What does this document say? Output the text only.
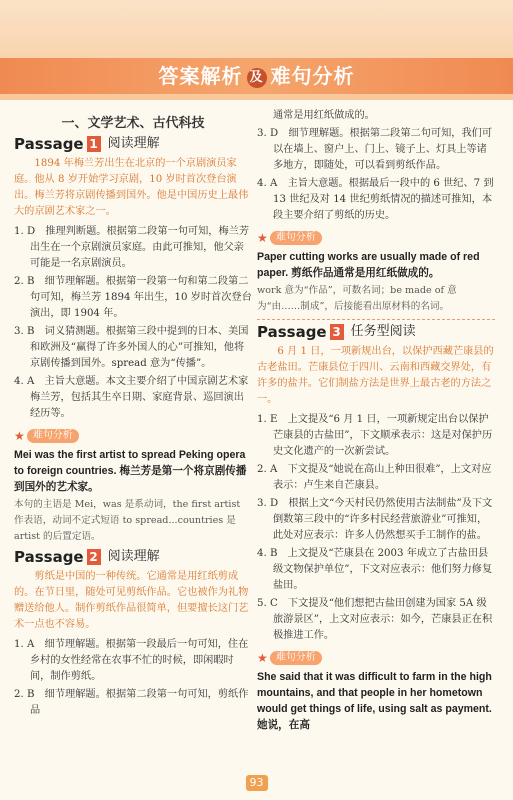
答案解析 及 难句分析
一、文学艺术、古代科技
Passage 1 阅读理解
1894 年梅兰芳出生在北京的一个京剧演员家庭。他从 8 岁开始学习京剧，10 岁时首次登台演出。梅兰芳将京剧传播到国外。他是中国历史上最伟大的京剧艺术家之一。
1. D　推理判断题。根据第二段第一句可知，梅兰芳出生在一个京剧演员家庭。由此可推知，他父亲可能是一名京剧演员。
2. B　细节理解题。根据第一段第一句和第二段第二句可知，梅兰芳 1894 年出生，10 岁时首次登台演出，即 1904 年。
3. B　词义猜测题。根据第三段中提到的日本、美国和欧洲及“赢得了许多外国人的心”可推知，他将京剧传播到国外。spread 意为“传播”。
4. A　主旨大意题。本文主要介绍了中国京剧艺术家梅兰芳，包括其生卒日期、家庭背景、巡回演出经历等。
★ 难句分析
Mei was the first artist to spread Peking opera to foreign countries. 梅兰芳是第一个将京剧传播到国外的艺术家。
本句的主语是 Mei，was 是系动词，the first artist 作表语，动词不定式短语 to spread...countries 是 artist 的后置定语。
Passage 2 阅读理解
剪纸是中国的一种传统。它通常是用红纸剪成的。在节日里，随处可见剪纸作品。它也被作为礼物赠送给他人。制作剪纸作品很简单，但要擅长这门艺术一点也不容易。
1. A　细节理解题。根据第一段最后一句可知，住在乡村的女性经常在农事不忙的时候，即闲暇时间，制作剪纸。
2. B　细节理解题。根据第二段第一句可知，剪纸作品
通常是用红纸做成的。
3. D　细节理解题。根据第二段第二句可知，我们可以在墙上、窗户上、门上、镜子上、灯具上等诸多地方，即随处，可以看到剪纸作品。
4. A　主旨大意题。根据最后一段中的 6 世纪、7 到 13 世纪及对 14 世纪剪纸情况的描述可推知，本段主要介绍了剪纸的历史。
★ 难句分析
Paper cutting works are usually made of red paper. 剪纸作品通常是用红纸做成的。
work 意为“作品”，可数名词；be made of 意为“由……制成”，后接能看出原材料的名词。
Passage 3 任务型阅读
6 月 1 日，一项新规出台，以保护西藏芒康县的古老盐田。芒康县位于四川、云南和西藏交界处，有许多的盐井。它们制盐方法是世界上最古老的方法之一。
1. E　上文提及“6 月 1 日，一项新规定出台以保护芒康县的古盐田”，下文顺承表示：这是对保护历史文化遗产的一次新尝试。
2. A　下文提及“她说在高山上种田很难”，上文对应表示：卢生来自芒康县。
3. D　根据上文“今天村民仍然使用古法制盐”及下文倒数第三段中的“许多村民经营旅游业”可推知，此处对应表示：许多人仍然想买手工制作的盐。
4. B　上文提及“芒康县在 2003 年成立了古盐田县级文物保护单位”，下文对应表示：他们努力修复盐田。
5. C　下文提及“他们想把古盐田创建为国家 5A 级旅游景区”，上文对应表示：如今，芒康县正在积极推进工作。
★ 难句分析
She said that it was difficult to farm in the high mountains, and that people in her hometown would get things of life, using salt as payment. 她说，在高
93
